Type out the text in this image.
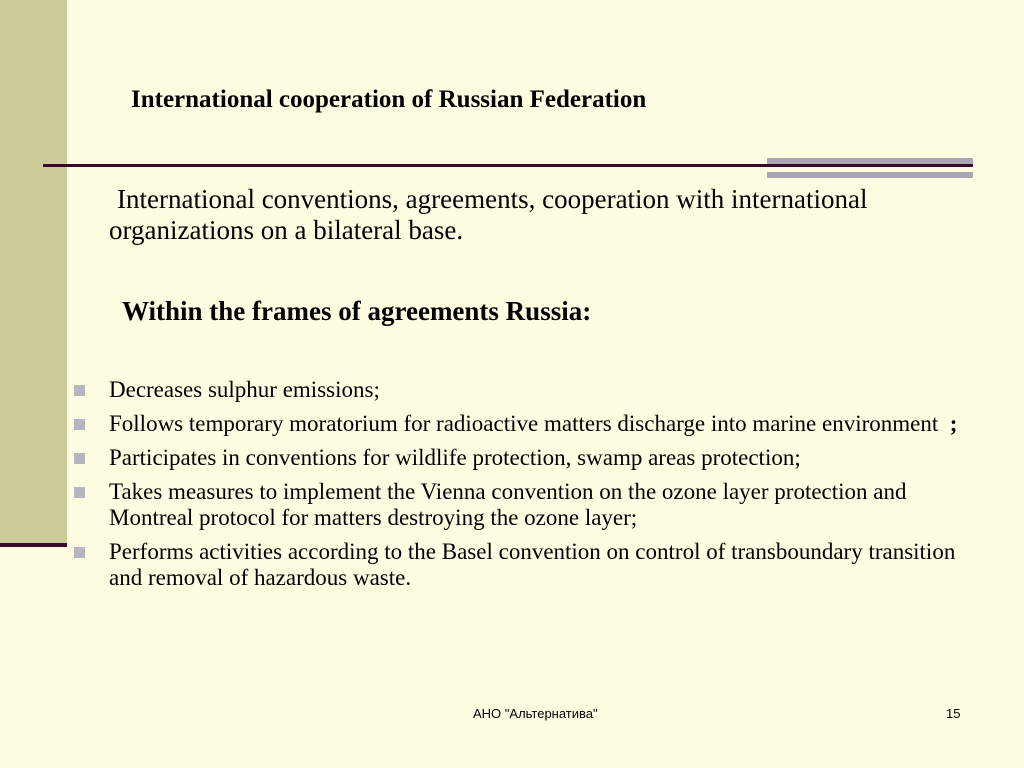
International cooperation of Russian Federation
International conventions, agreements, cooperation with international organizations on a bilateral base.
Within the frames of agreements Russia:
Decreases sulphur emissions;
Follows temporary moratorium for radioactive matters discharge into marine environment  ;
Participates in conventions for wildlife protection, swamp areas protection;
Takes measures to implement the Vienna convention on the ozone layer protection and Montreal protocol for matters destroying the ozone layer;
Performs activities according to the Basel convention on control of transboundary transition and removal of hazardous waste.
АНО "Альтернатива"	15
